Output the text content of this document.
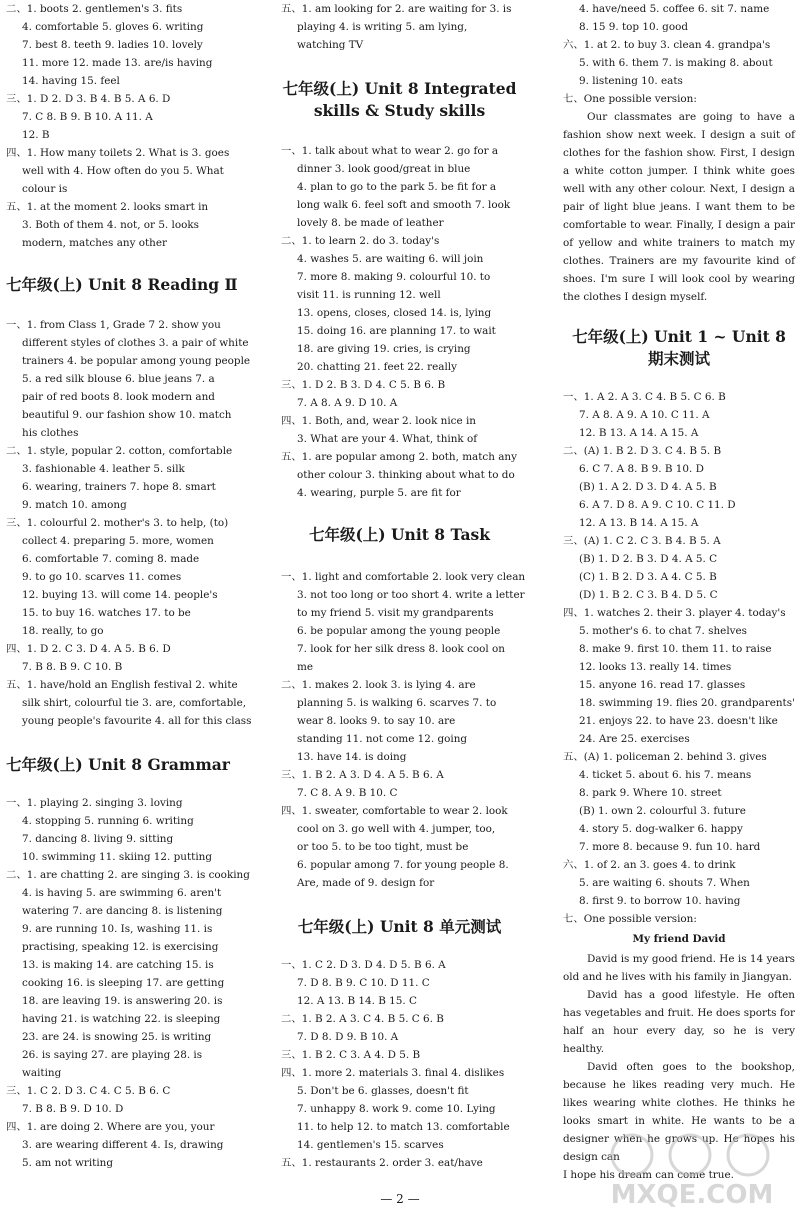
二、1. boots 2. gentlemen's 3. fits

4. comfortable 5. gloves 6. writing

7. best 8. teeth 9. ladies 10. lovely

11. more 12. made 13. are/is having

14. having 15. feel

三、1. D 2. D 3. B 4. B 5. A 6. D

7. C 8. B 9. B 10. A 11. A

12. B

四、1. How many toilets 2. What is 3. goes

well with 4. How often do you 5. What

colour is

五、1. at the moment 2. looks smart in

3. Both of them 4. not, or 5. looks

modern, matches any other

七年级(上) Unit 8 Reading Ⅱ

一、1. from Class 1, Grade 7 2. show you

different styles of clothes 3. a pair of white

trainers 4. be popular among young people

5. a red silk blouse 6. blue jeans 7. a

pair of red boots 8. look modern and

beautiful 9. our fashion show 10. match

his clothes

二、1. style, popular 2. cotton, comfortable

3. fashionable 4. leather 5. silk

6. wearing, trainers 7. hope 8. smart

9. match 10. among

三、1. colourful 2. mother's 3. to help, (to)

collect 4. preparing 5. more, women

6. comfortable 7. coming 8. made

9. to go 10. scarves 11. comes

12. buying 13. will come 14. people's

15. to buy 16. watches 17. to be

18. really, to go

四、1. D 2. C 3. D 4. A 5. B 6. D

7. B 8. B 9. C 10. B

五、1. have/hold an English festival 2. white

silk shirt, colourful tie 3. are, comfortable,

young people's favourite 4. all for this class

七年级(上) Unit 8 Grammar

一、1. playing 2. singing 3. loving

4. stopping 5. running 6. writing

7. dancing 8. living 9. sitting

10. swimming 11. skiing 12. putting

二、1. are chatting 2. are singing 3. is cooking

4. is having 5. are swimming 6. aren't

watering 7. are dancing 8. is listening

9. are running 10. Is, washing 11. is

practising, speaking 12. is exercising

13. is making 14. are catching 15. is

cooking 16. is sleeping 17. are getting

18. are leaving 19. is answering 20. is

having 21. is watching 22. is sleeping

23. are 24. is snowing 25. is writing

26. is saying 27. are playing 28. is

waiting

三、1. C 2. D 3. C 4. C 5. B 6. C

7. B 8. B 9. D 10. D

四、1. are doing 2. Where are you, your

3. are wearing different 4. Is, drawing

5. am not writing

五、1. am looking for 2. are waiting for 3. is

playing 4. is writing 5. am lying,

watching TV

七年级(上) Unit 8 Integrated
skills & Study skills

一、1. talk about what to wear 2. go for a

dinner 3. look good/great in blue

4. plan to go to the park 5. be fit for a

long walk 6. feel soft and smooth 7. look

lovely 8. be made of leather

二、1. to learn 2. do 3. today's

4. washes 5. are waiting 6. will join

7. more 8. making 9. colourful 10. to

visit 11. is running 12. well

13. opens, closes, closed 14. is, lying

15. doing 16. are planning 17. to wait

18. are giving 19. cries, is crying

20. chatting 21. feet 22. really

三、1. D 2. B 3. D 4. C 5. B 6. B

7. A 8. A 9. D 10. A

四、1. Both, and, wear 2. look nice in

3. What are your 4. What, think of

五、1. are popular among 2. both, match any

other colour 3. thinking about what to do

4. wearing, purple 5. are fit for

七年级(上) Unit 8 Task

一、1. light and comfortable 2. look very clean

3. not too long or too short 4. write a letter

to my friend 5. visit my grandparents

6. be popular among the young people

7. look for her silk dress 8. look cool on

me

二、1. makes 2. look 3. is lying 4. are

planning 5. is walking 6. scarves 7. to

wear 8. looks 9. to say 10. are

standing 11. not come 12. going

13. have 14. is doing

三、1. B 2. A 3. D 4. A 5. B 6. A

7. C 8. A 9. B 10. C

四、1. sweater, comfortable to wear 2. look

cool on 3. go well with 4. jumper, too,

or too 5. to be too tight, must be

6. popular among 7. for young people 8.

Are, made of 9. design for

七年级(上) Unit 8 单元测试

一、1. C 2. D 3. D 4. D 5. B 6. A

7. D 8. B 9. C 10. D 11. C

12. A 13. B 14. B 15. C

二、1. B 2. A 3. C 4. B 5. C 6. B

7. D 8. D 9. B 10. A

三、1. B 2. C 3. A 4. D 5. B

四、1. more 2. materials 3. final 4. dislikes

5. Don't be 6. glasses, doesn't fit

7. unhappy 8. work 9. come 10. Lying

11. to help 12. to match 13. comfortable

14. gentlemen's 15. scarves

五、1. restaurants 2. order 3. eat/have

4. have/need 5. coffee 6. sit 7. name

8. 15 9. top 10. good

六、1. at 2. to buy 3. clean 4. grandpa's

5. with 6. them 7. is making 8. about

9. listening 10. eats

七、One possible version:

Our classmates are going to have a fashion show next week. I design a suit of clothes for the fashion show. First, I design a white cotton jumper. I think white goes well with any other colour. Next, I design a pair of light blue jeans. I want them to be comfortable to wear. Finally, I design a pair of yellow and white trainers to match my clothes. Trainers are my favourite kind of shoes. I'm sure I will look cool by wearing the clothes I design myself.

七年级(上) Unit 1 ~ Unit 8
期末测试

一、1. A 2. A 3. C 4. B 5. C 6. B

7. A 8. A 9. A 10. C 11. A

12. B 13. A 14. A 15. A

二、(A) 1. B 2. D 3. C 4. B 5. B

6. C 7. A 8. B 9. B 10. D

(B) 1. A 2. D 3. D 4. A 5. B

6. A 7. D 8. A 9. C 10. C 11. D

12. A 13. B 14. A 15. A

三、(A) 1. C 2. C 3. B 4. B 5. A

(B) 1. D 2. B 3. D 4. A 5. C

(C) 1. B 2. D 3. A 4. C 5. B

(D) 1. B 2. C 3. B 4. D 5. C

四、1. watches 2. their 3. player 4. today's

5. mother's 6. to chat 7. shelves

8. make 9. first 10. them 11. to raise

12. looks 13. really 14. times

15. anyone 16. read 17. glasses

18. swimming 19. flies 20. grandparents'

21. enjoys 22. to have 23. doesn't like

24. Are 25. exercises

五、(A) 1. policeman 2. behind 3. gives

4. ticket 5. about 6. his 7. means

8. park 9. Where 10. street

(B) 1. own 2. colourful 3. future

4. story 5. dog-walker 6. happy

7. more 8. because 9. fun 10. hard

六、1. of 2. an 3. goes 4. to drink

5. are waiting 6. shouts 7. When

8. first 9. to borrow 10. having

七、One possible version:

My friend David

David is my good friend. He is 14 years old and he lives with his family in Jiangyan.

David has a good lifestyle. He often has vegetables and fruit. He does sports for half an hour every day, so he is very healthy.

David often goes to the bookshop, because he likes reading very much. He likes wearing white clothes. He thinks he looks smart in white. He wants to be a designer when he grows up. He hopes his design can

I hope his dream can come true.

MXQE.COM
— 2 —
